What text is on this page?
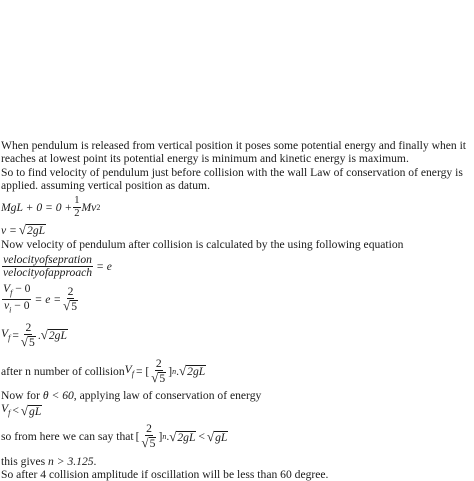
When pendulum is released from vertical position it poses some potential energy and finally when it reaches at lowest point its potential energy is minimum and kinetic energy is maximum.

So to find velocity of pendulum just before collision with the wall Law of conservation of energy is applied. assuming vertical position as datum.

MgL + $0 = 0 + \frac{1}{2}$ Mv 2
v = √ 2gL

Now velocity of pendulum after collision is calculated by the using following equation

$\frac{\text{velocityofsepration}}{\text{velocityofapproach}} = e$
$\frac{V_f - 0}{v_i - 0} = e = \frac{2}{√ 5}$
$V_f = \frac{2}{√ 5}$ . √ 2gL
after n number of collision $V_f$ = [ $\frac{2}{√ 5}$ ] n . √ 2gL

Now for θ < 60, applying law of conservation of energy

$V_f$ < √ gL
so from here we can say that [ $\frac{2}{√ 5}$ ] n . √ 2gL < √ gL

this gives n > 3.125.

So after 4 collision amplitude if oscillation will be less than 60 degree.
